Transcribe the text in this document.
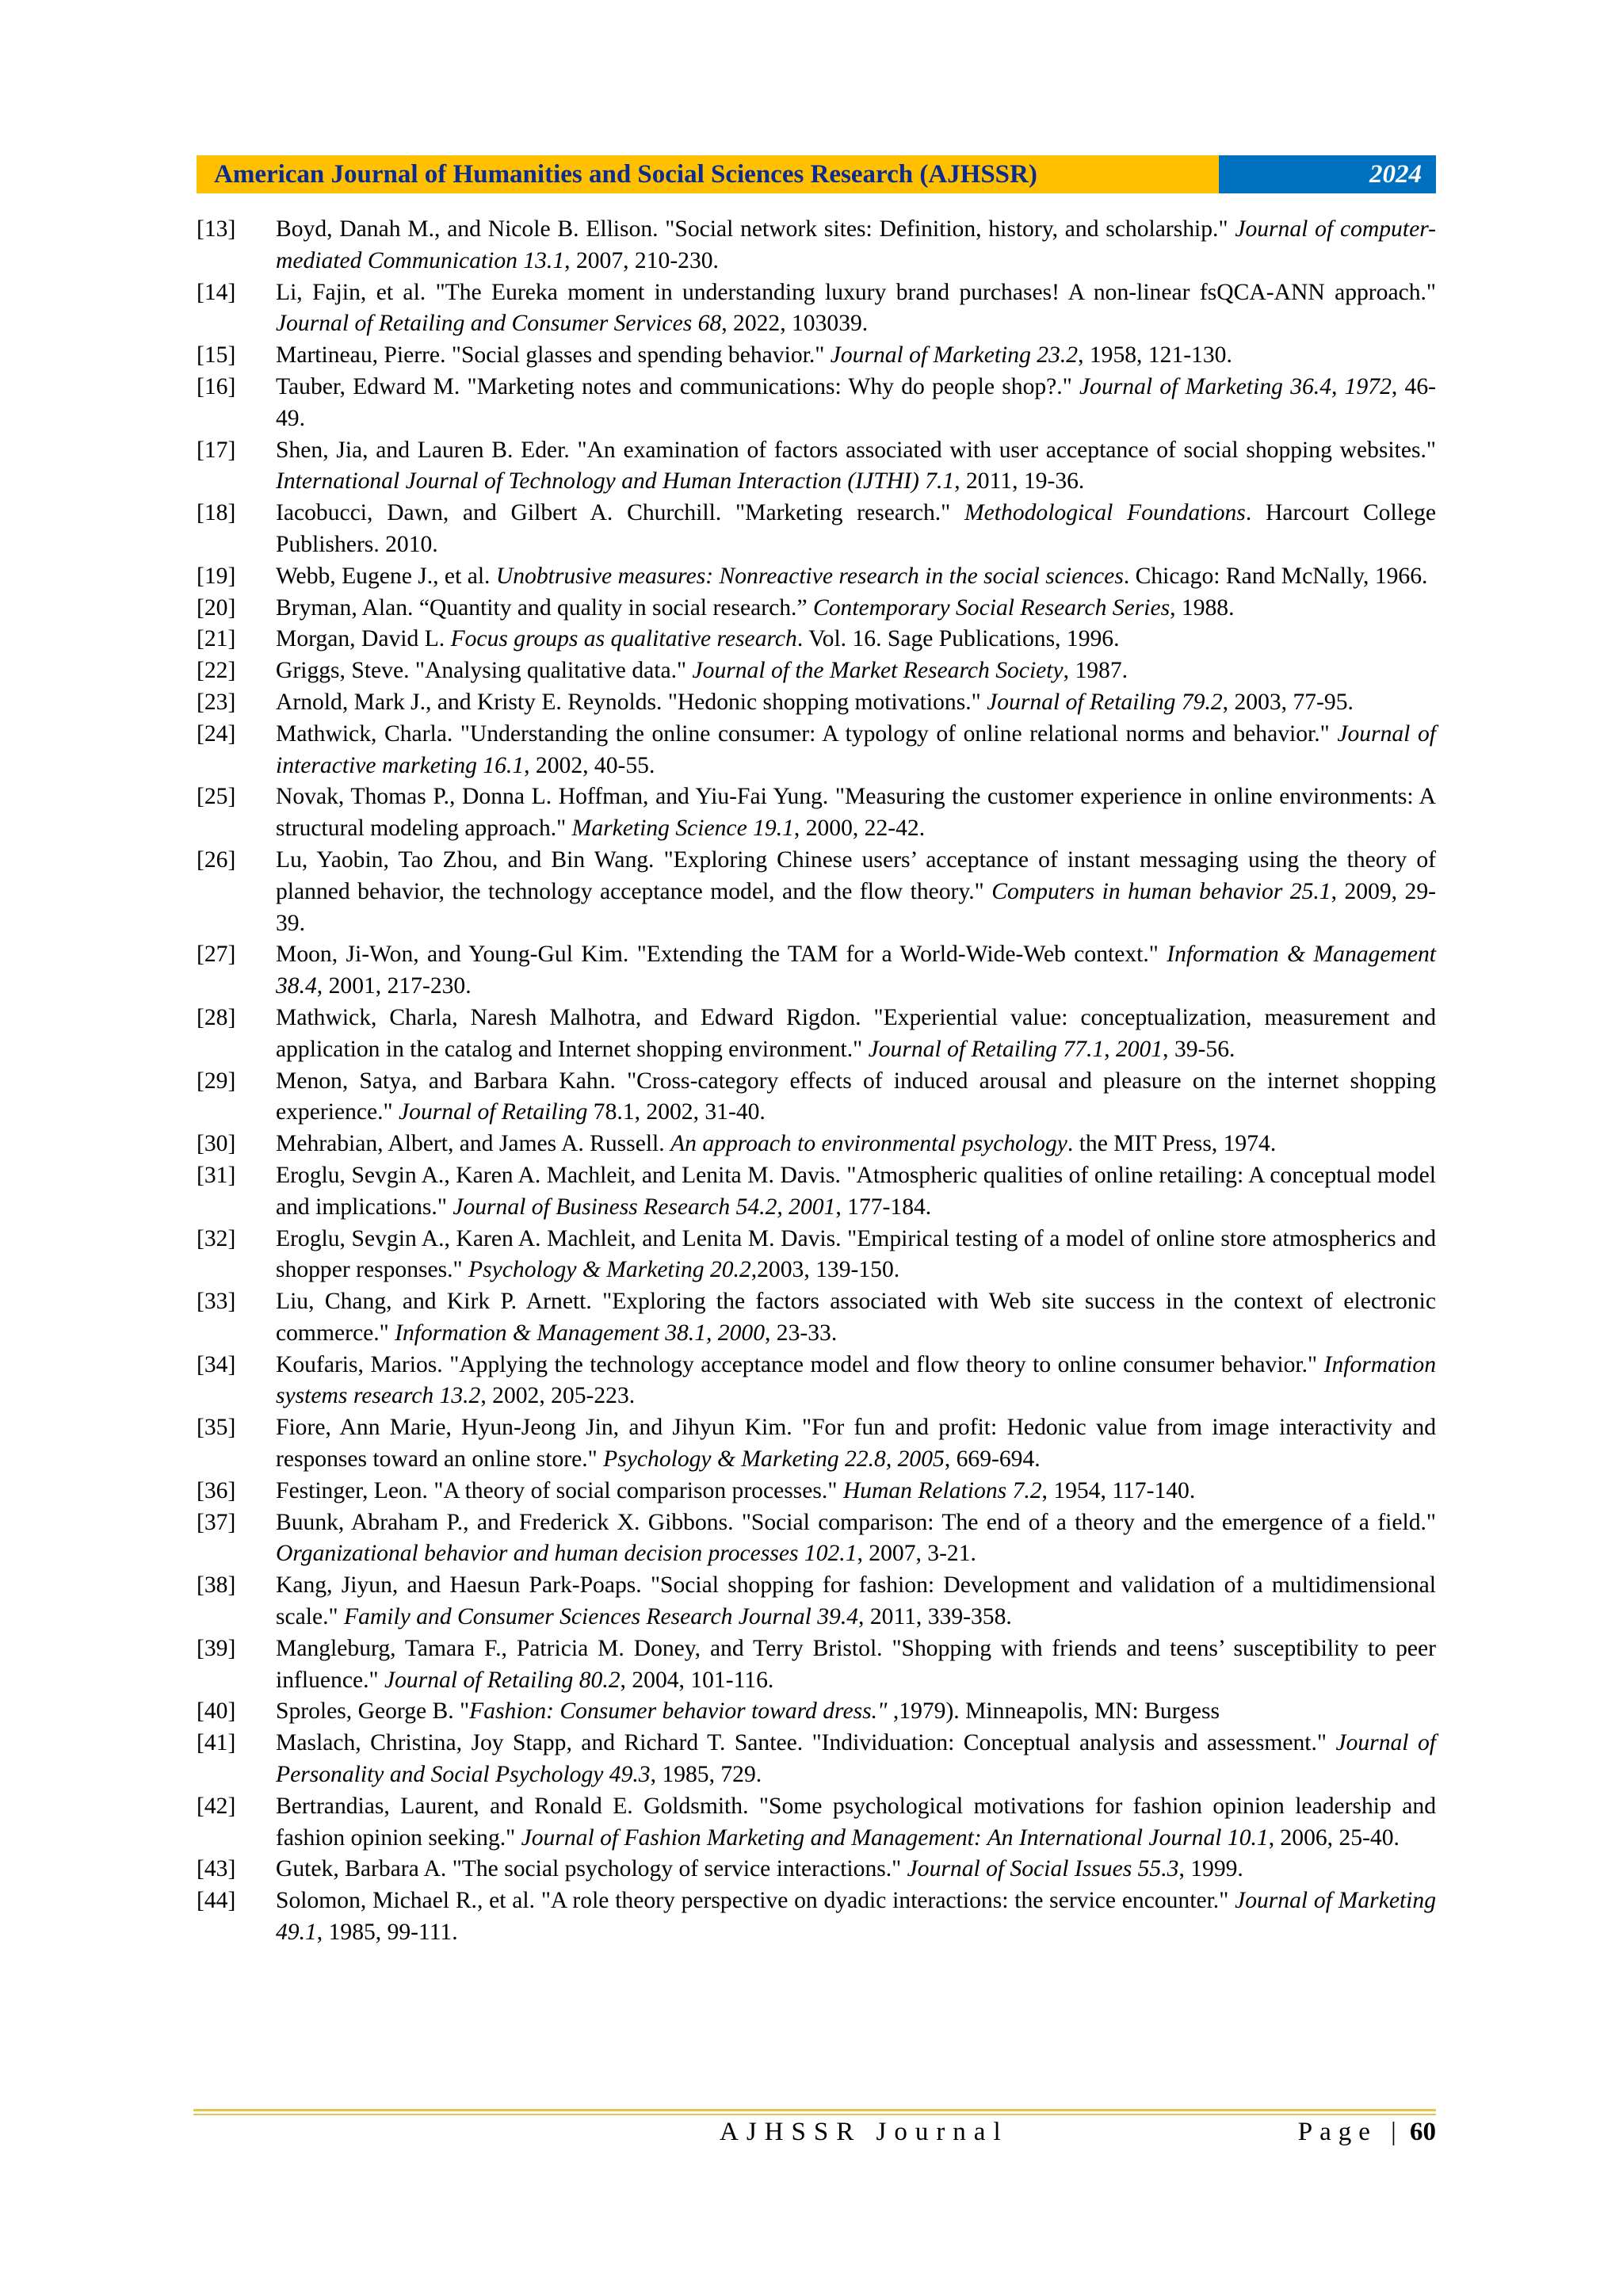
American Journal of Humanities and Social Sciences Research (AJHSSR)	2024
[13]	Boyd, Danah M., and Nicole B. Ellison. "Social network sites: Definition, history, and scholarship." Journal of computer-mediated Communication 13.1, 2007, 210-230.
[14]	Li, Fajin, et al. "The Eureka moment in understanding luxury brand purchases! A non-linear fsQCA-ANN approach." Journal of Retailing and Consumer Services 68, 2022, 103039.
[15]	Martineau, Pierre. "Social glasses and spending behavior." Journal of Marketing 23.2, 1958, 121-130.
[16]	Tauber, Edward M. "Marketing notes and communications: Why do people shop?." Journal of Marketing 36.4, 1972, 46-49.
[17]	Shen, Jia, and Lauren B. Eder. "An examination of factors associated with user acceptance of social shopping websites." International Journal of Technology and Human Interaction (IJTHI) 7.1, 2011, 19-36.
[18]	Iacobucci, Dawn, and Gilbert A. Churchill. "Marketing research." Methodological Foundations. Harcourt College Publishers. 2010.
[19]	Webb, Eugene J., et al. Unobtrusive measures: Nonreactive research in the social sciences. Chicago: Rand McNally, 1966.
[20]	Bryman, Alan. “Quantity and quality in social research.” Contemporary Social Research Series, 1988.
[21]	Morgan, David L. Focus groups as qualitative research. Vol. 16. Sage Publications, 1996.
[22]	Griggs, Steve. "Analysing qualitative data." Journal of the Market Research Society, 1987.
[23]	Arnold, Mark J., and Kristy E. Reynolds. "Hedonic shopping motivations." Journal of Retailing 79.2, 2003, 77-95.
[24]	Mathwick, Charla. "Understanding the online consumer: A typology of online relational norms and behavior." Journal of interactive marketing 16.1, 2002, 40-55.
[25]	Novak, Thomas P., Donna L. Hoffman, and Yiu-Fai Yung. "Measuring the customer experience in online environments: A structural modeling approach." Marketing Science 19.1, 2000, 22-42.
[26]	Lu, Yaobin, Tao Zhou, and Bin Wang. "Exploring Chinese users’ acceptance of instant messaging using the theory of planned behavior, the technology acceptance model, and the flow theory." Computers in human behavior 25.1, 2009, 29-39.
[27]	Moon, Ji-Won, and Young-Gul Kim. "Extending the TAM for a World-Wide-Web context." Information & Management 38.4, 2001, 217-230.
[28]	Mathwick, Charla, Naresh Malhotra, and Edward Rigdon. "Experiential value: conceptualization, measurement and application in the catalog and Internet shopping environment." Journal of Retailing 77.1, 2001, 39-56.
[29]	Menon, Satya, and Barbara Kahn. "Cross-category effects of induced arousal and pleasure on the internet shopping experience." Journal of Retailing 78.1, 2002, 31-40.
[30]	Mehrabian, Albert, and James A. Russell. An approach to environmental psychology. the MIT Press, 1974.
[31]	Eroglu, Sevgin A., Karen A. Machleit, and Lenita M. Davis. "Atmospheric qualities of online retailing: A conceptual model and implications." Journal of Business Research 54.2, 2001, 177-184.
[32]	Eroglu, Sevgin A., Karen A. Machleit, and Lenita M. Davis. "Empirical testing of a model of online store atmospherics and shopper responses." Psychology & Marketing 20.2,2003, 139-150.
[33]	Liu, Chang, and Kirk P. Arnett. "Exploring the factors associated with Web site success in the context of electronic commerce." Information & Management 38.1, 2000, 23-33.
[34]	Koufaris, Marios. "Applying the technology acceptance model and flow theory to online consumer behavior." Information systems research 13.2, 2002, 205-223.
[35]	Fiore, Ann Marie, Hyun-Jeong Jin, and Jihyun Kim. "For fun and profit: Hedonic value from image interactivity and responses toward an online store." Psychology & Marketing 22.8, 2005, 669-694.
[36]	Festinger, Leon. "A theory of social comparison processes." Human Relations 7.2, 1954, 117-140.
[37]	Buunk, Abraham P., and Frederick X. Gibbons. "Social comparison: The end of a theory and the emergence of a field." Organizational behavior and human decision processes 102.1, 2007, 3-21.
[38]	Kang, Jiyun, and Haesun Park-Poaps. "Social shopping for fashion: Development and validation of a multidimensional scale." Family and Consumer Sciences Research Journal 39.4, 2011, 339-358.
[39]	Mangleburg, Tamara F., Patricia M. Doney, and Terry Bristol. "Shopping with friends and teens’ susceptibility to peer influence." Journal of Retailing 80.2, 2004, 101-116.
[40]	Sproles, George B. "Fashion: Consumer behavior toward dress." ,1979). Minneapolis, MN: Burgess
[41]	Maslach, Christina, Joy Stapp, and Richard T. Santee. "Individuation: Conceptual analysis and assessment." Journal of Personality and Social Psychology 49.3, 1985, 729.
[42]	Bertrandias, Laurent, and Ronald E. Goldsmith. "Some psychological motivations for fashion opinion leadership and fashion opinion seeking." Journal of Fashion Marketing and Management: An International Journal 10.1, 2006, 25-40.
[43]	Gutek, Barbara A. "The social psychology of service interactions." Journal of Social Issues 55.3, 1999.
[44]	Solomon, Michael R., et al. "A role theory perspective on dyadic interactions: the service encounter." Journal of Marketing 49.1, 1985, 99-111.
AJHSSR Journal	Page | 60
